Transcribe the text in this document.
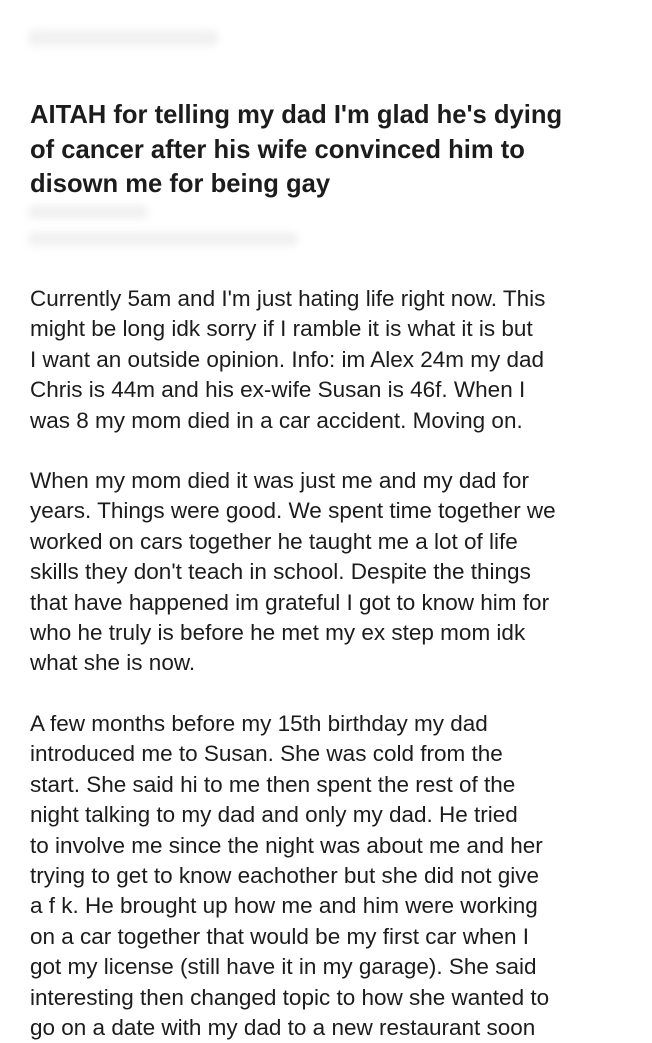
AITAH for telling my dad I'm glad he's dying
of cancer after his wife convinced him to
disown me for being gay

Currently 5am and I'm just hating life right now. This
might be long idk sorry if I ramble it is what it is but
I want an outside opinion. Info: im Alex 24m my dad
Chris is 44m and his ex-wife Susan is 46f. When I
was 8 my mom died in a car accident. Moving on.

When my mom died it was just me and my dad for
years. Things were good. We spent time together we
worked on cars together he taught me a lot of life
skills they don't teach in school. Despite the things
that have happened im grateful I got to know him for
who he truly is before he met my ex step mom idk
what she is now.

A few months before my 15th birthday my dad
introduced me to Susan. She was cold from the
start. She said hi to me then spent the rest of the
night talking to my dad and only my dad. He tried
to involve me since the night was about me and her
trying to get to know eachother but she did not give
a f k. He brought up how me and him were working
on a car together that would be my first car when I
got my license (still have it in my garage). She said
interesting then changed topic to how she wanted to
go on a date with my dad to a new restaurant soon
